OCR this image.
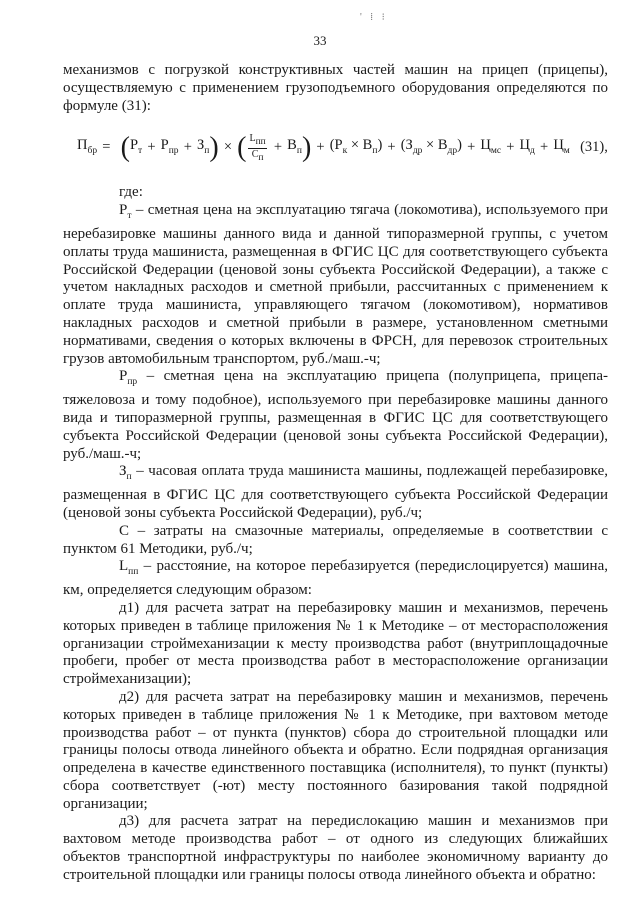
' ⁞ ⁝
33

механизмов с погрузкой конструктивных частей машин на прицеп (прицепы), осуществляемую с применением грузоподъемного оборудования определяются по формуле (31):

$П_{бр}$ = ( $Р_т + Р_{пр} + З_п$ ) × ( $\frac{L_{пп}}{C_п} + В_п$ ) + $(Р_к \times В_п) + (З_{др} \times В_{др}) + Ц_{мс} + Ц_д + Ц_м$ (31),

где:

$Р_т$ – сметная цена на эксплуатацию тягача (локомотива), используемого при неребазировке машины данного вида и данной типоразмерной группы, с учетом оплаты труда машиниста, размещенная в ФГИС ЦС для соответствующего субъекта Российской Федерации (ценовой зоны субъекта Российской Федерации), а также с учетом накладных расходов и сметной прибыли, рассчитанных с применением к оплате труда машиниста, управляющего тягачом (локомотивом), нормативов накладных расходов и сметной прибыли в размере, установленном сметными нормативами, сведения о которых включены в ФРСН, для перевозок строительных грузов автомобильным транспортом, руб./маш.-ч;

$Р_{пр}$ – сметная цена на эксплуатацию прицепа (полуприцепа, прицепа-тяжеловоза и тому подобное), используемого при перебазировке машины данного вида и типоразмерной группы, размещенная в ФГИС ЦС для соответствующего субъекта Российской Федерации (ценовой зоны субъекта Российской Федерации), руб./маш.-ч;

$З_п$ – часовая оплата труда машиниста машины, подлежащей перебазировке, размещенная в ФГИС ЦС для соответствующего субъекта Российской Федерации (ценовой зоны субъекта Российской Федерации), руб./ч;

С – затраты на смазочные материалы, определяемые в соответствии с пунктом 61 Методики, руб./ч;

$L_{пп}$ – расстояние, на которое перебазируется (передислоцируется) машина, км, определяется следующим образом:

д1) для расчета затрат на перебазировку машин и механизмов, перечень которых приведен в таблице приложения № 1 к Методике – от месторасположения организации строймеханизации к месту производства работ (внутриплощадочные пробеги, пробег от места производства работ в месторасположение организации строймеханизации);

д2) для расчета затрат на перебазировку машин и механизмов, перечень которых приведен в таблице приложения № 1 к Методике, при вахтовом методе производства работ – от пункта (пунктов) сбора до строительной площадки или границы полосы отвода линейного объекта и обратно. Если подрядная организация определена в качестве единственного поставщика (исполнителя), то пункт (пункты) сбора соответствует (-ют) месту постоянного базирования такой подрядной организации;

д3) для расчета затрат на передислокацию машин и механизмов при вахтовом методе производства работ – от одного из следующих ближайших объектов транспортной инфраструктуры по наиболее экономичному варианту до строительной площадки или границы полосы отвода линейного объекта и обратно:
